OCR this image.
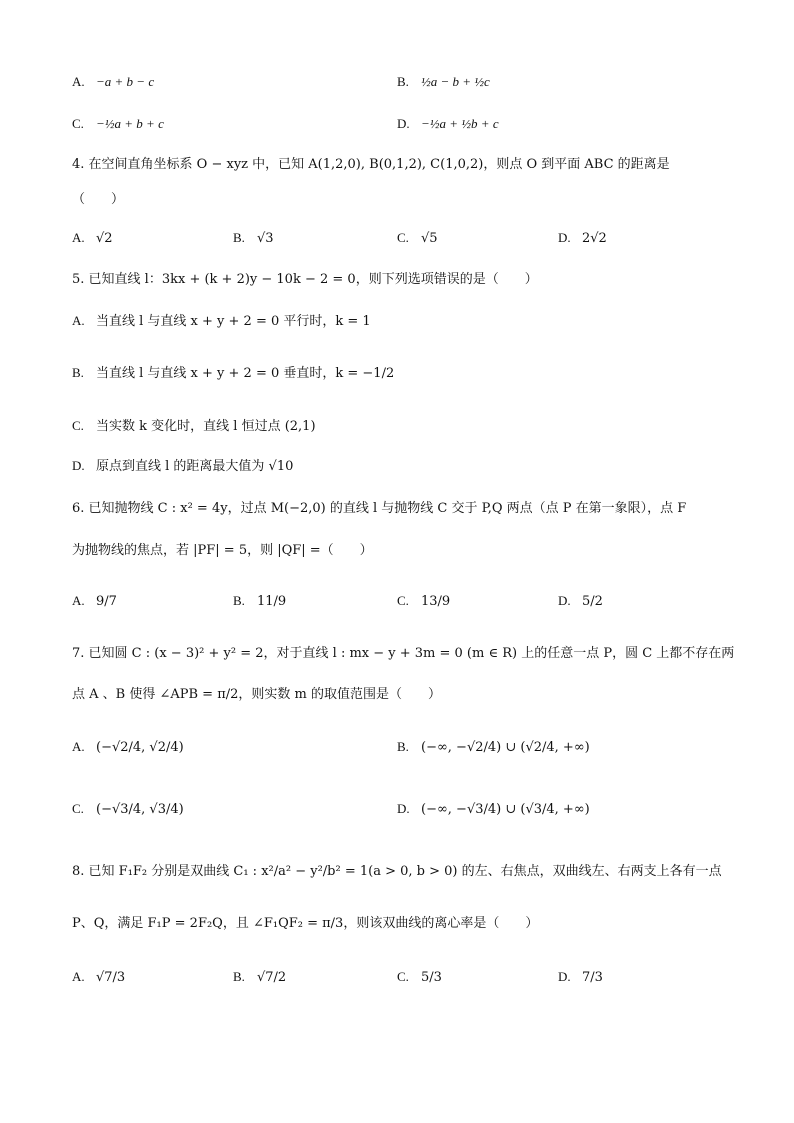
A. −a + b − c	B. ½a − b + ½c
C. −½a + b + c	D. −½a + ½b + c
4. 在空间直角坐标系 O − xyz 中，已知 A(1,2,0), B(0,1,2), C(1,0,2)，则点 O 到平面 ABC 的距离是
（　　）
A. √2	B. √3	C. √5	D. 2√2
5. 已知直线 l：3kx + (k + 2)y − 10k − 2 = 0，则下列选项错误的是（　　）
A. 当直线 l 与直线 x + y + 2 = 0 平行时，k = 1
B. 当直线 l 与直线 x + y + 2 = 0 垂直时，k = −1/2
C. 当实数 k 变化时，直线 l 恒过点 (2,1)
D. 原点到直线 l 的距离最大值为 √10
6. 已知抛物线 C : x² = 4y，过点 M(−2,0) 的直线 l 与抛物线 C 交于 P,Q 两点（点 P 在第一象限），点 F
为抛物线的焦点，若 |PF| = 5，则 |QF| =（　　）
A. 9/7	B. 11/9	C. 13/9	D. 5/2
7. 已知圆 C : (x − 3)² + y² = 2，对于直线 l : mx − y + 3m = 0 (m ∈ R) 上的任意一点 P，圆 C 上都不存在两
点 A 、B 使得 ∠APB = π/2，则实数 m 的取值范围是（　　）
A. (−√2/4, √2/4)	B. (−∞, −√2/4) ∪ (√2/4, +∞)
C. (−√3/4, √3/4)	D. (−∞, −√3/4) ∪ (√3/4, +∞)
8. 已知 F₁F₂ 分别是双曲线 C₁ : x²/a² − y²/b² = 1(a > 0, b > 0) 的左、右焦点，双曲线左、右两支上各有一点
P、Q，满足 F₁P = 2F₂Q，且 ∠F₁QF₂ = π/3，则该双曲线的离心率是（　　）
A. √7/3	B. √7/2	C. 5/3	D. 7/3
